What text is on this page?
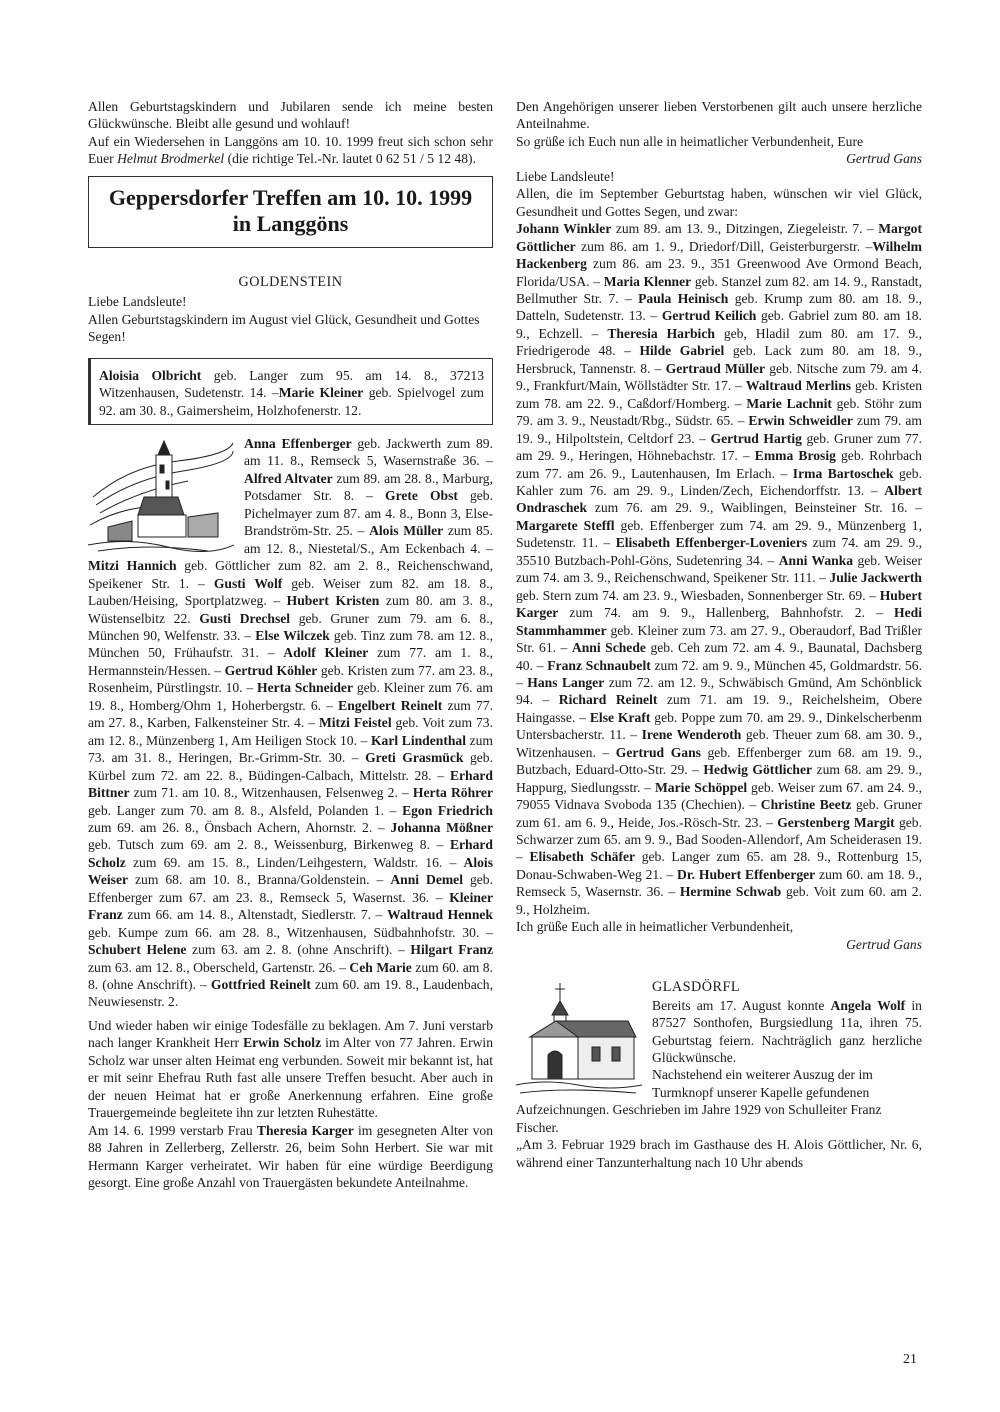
Allen Geburtstagskindern und Jubilaren sende ich meine besten Glückwünsche. Bleibt alle gesund und wohlauf!

Auf ein Wiedersehen in Langgöns am 10. 10. 1999 freut sich schon sehr Euer Helmut Brodmerkel (die richtige Tel.-Nr. lautet 0 62 51 / 5 12 48).

Geppersdorfer Treffen am 10. 10. 1999
in Langgöns
GOLDENSTEIN

Liebe Landsleute!

Allen Geburtstagskindern im August viel Glück, Gesundheit und Gottes Segen!

Aloisia Olbricht geb. Langer zum 95. am 14. 8., 37213 Witzenhausen, Sudetenstr. 14. –Marie Kleiner geb. Spielvogel zum 92. am 30. 8., Gaimersheim, Holzhofenerstr. 12.

Anna Effenberger geb. Jackwerth zum 89. am 11. 8., Remseck 5, Wasernstraße 36. – Alfred Altvater zum 89. am 28. 8., Marburg, Potsdamer Str. 8. – Grete Obst geb. Pichelmayer zum 87. am 4. 8., Bonn 3, Else-Brandström-Str. 25. – Alois Müller zum 85. am 12. 8., Niestetal/S., Am Eckenbach 4. – Mitzi Hannich geb. Göttlicher zum 82. am 2. 8., Reichenschwand, Speikener Str. 1. – Gusti Wolf geb. Weiser zum 82. am 18. 8., Lauben/Heising, Sportplatzweg. – Hubert Kristen zum 80. am 3. 8., Wüstenselbitz 22. Gusti Drechsel geb. Gruner zum 79. am 6. 8., München 90, Welfenstr. 33. – Else Wilczek geb. Tinz zum 78. am 12. 8., München 50, Frühaufstr. 31. – Adolf Kleiner zum 77. am 1. 8., Hermannstein/Hessen. – Gertrud Köhler geb. Kristen zum 77. am 23. 8., Rosenheim, Pürstlingstr. 10. – Herta Schneider geb. Kleiner zum 76. am 19. 8., Homberg/Ohm 1, Hoherbergstr. 6. – Engelbert Reinelt zum 77. am 27. 8., Karben, Falkensteiner Str. 4. – Mitzi Feistel geb. Voit zum 73. am 12. 8., Münzenberg 1, Am Heiligen Stock 10. – Karl Lindenthal zum 73. am 31. 8., Heringen, Br.-Grimm-Str. 30. – Greti Grasmück geb. Kürbel zum 72. am 22. 8., Büdingen-Calbach, Mittelstr. 28. – Erhard Bittner zum 71. am 10. 8., Witzenhausen, Felsenweg 2. – Herta Röhrer geb. Langer zum 70. am 8. 8., Alsfeld, Polanden 1. – Egon Friedrich zum 69. am 26. 8., Önsbach Achern, Ahornstr. 2. – Johanna Mößner geb. Tutsch zum 69. am 2. 8., Weissenburg, Birkenweg 8. – Erhard Scholz zum 69. am 15. 8., Linden/Leihgestern, Waldstr. 16. – Alois Weiser zum 68. am 10. 8., Branna/Goldenstein. – Anni Demel geb. Effenberger zum 67. am 23. 8., Remseck 5, Wasernst. 36. – Kleiner Franz zum 66. am 14. 8., Altenstadt, Siedlerstr. 7. – Waltraud Hennek geb. Kumpe zum 66. am 28. 8., Witzenhausen, Südbahnhofstr. 30. – Schubert Helene zum 63. am 2. 8. (ohne Anschrift). – Hilgart Franz zum 63. am 12. 8., Oberscheld, Gartenstr. 26. – Ceh Marie zum 60. am 8. 8. (ohne Anschrift). – Gottfried Reinelt zum 60. am 19. 8., Laudenbach, Neuwiesenstr. 2.

Und wieder haben wir einige Todesfälle zu beklagen. Am 7. Juni verstarb nach langer Krankheit Herr Erwin Scholz im Alter von 77 Jahren. Erwin Scholz war unser alten Heimat eng verbunden. Soweit mir bekannt ist, hat er mit seinr Ehefrau Ruth fast alle unsere Treffen besucht. Aber auch in der neuen Heimat hat er große Anerkennung erfahren. Eine große Trauergemeinde begleitete ihn zur letzten Ruhestätte.

Am 14. 6. 1999 verstarb Frau Theresia Karger im gesegneten Alter von 88 Jahren in Zellerberg, Zellerstr. 26, beim Sohn Herbert. Sie war mit Hermann Karger verheiratet. Wir haben für eine würdige Beerdigung gesorgt. Eine große Anzahl von Trauergästen bekundete Anteilnahme.

Den Angehörigen unserer lieben Verstorbenen gilt auch unsere herzliche Anteilnahme.

So grüße ich Euch nun alle in heimatlicher Verbundenheit, Eure

Gertrud Gans

Liebe Landsleute!

Allen, die im September Geburtstag haben, wünschen wir viel Glück, Gesundheit und Gottes Segen, und zwar:

Johann Winkler zum 89. am 13. 9., Ditzingen, Ziegeleistr. 7. – Margot Göttlicher zum 86. am 1. 9., Driedorf/Dill, Geisterburgerstr. –Wilhelm Hackenberg zum 86. am 23. 9., 351 Greenwood Ave Ormond Beach, Florida/USA. – Maria Klenner geb. Stanzel zum 82. am 14. 9., Ranstadt, Bellmuther Str. 7. – Paula Heinisch geb. Krump zum 80. am 18. 9., Datteln, Sudetenstr. 13. – Gertrud Keilich geb. Gabriel zum 80. am 18. 9., Echzell. – Theresia Harbich geb, Hladil zum 80. am 17. 9., Friedrigerode 48. – Hilde Gabriel geb. Lack zum 80. am 18. 9., Hersbruck, Tannenstr. 8. – Gertraud Müller geb. Nitsche zum 79. am 4. 9., Frankfurt/Main, Wöllstädter Str. 17. – Waltraud Merlins geb. Kristen zum 78. am 22. 9., Caßdorf/Homberg. – Marie Lachnit geb. Stöhr zum 79. am 3. 9., Neustadt/Rbg., Südstr. 65. – Erwin Schweidler zum 79. am 19. 9., Hilpoltstein, Celtdorf 23. – Gertrud Hartig geb. Gruner zum 77. am 29. 9., Heringen, Höhnebachstr. 17. – Emma Brosig geb. Rohrbach zum 77. am 26. 9., Lautenhausen, Im Erlach. – Irma Bartoschek geb. Kahler zum 76. am 29. 9., Linden/Zech, Eichendorffstr. 13. – Albert Ondraschek zum 76. am 29. 9., Waiblingen, Beinsteiner Str. 16. – Margarete Steffl geb. Effenberger zum 74. am 29. 9., Münzenberg 1, Sudetenstr. 11. – Elisabeth Effenberger-Loveniers zum 74. am 29. 9., 35510 Butzbach-Pohl-Göns, Sudetenring 34. – Anni Wanka geb. Weiser zum 74. am 3. 9., Reichenschwand, Speikener Str. 111. – Julie Jackwerth geb. Stern zum 74. am 23. 9., Wiesbaden, Sonnenberger Str. 69. – Hubert Karger zum 74. am 9. 9., Hallenberg, Bahnhofstr. 2. – Hedi Stammhammer geb. Kleiner zum 73. am 27. 9., Oberaudorf, Bad Trißler Str. 61. – Anni Schede geb. Ceh zum 72. am 4. 9., Baunatal, Dachsberg 40. – Franz Schnaubelt zum 72. am 9. 9., München 45, Goldmardstr. 56. – Hans Langer zum 72. am 12. 9., Schwäbisch Gmünd, Am Schönblick 94. – Richard Reinelt zum 71. am 19. 9., Reichelsheim, Obere Haingasse. – Else Kraft geb. Poppe zum 70. am 29. 9., Dinkelscherbenm Untersbacherstr. 11. – Irene Wenderoth geb. Theuer zum 68. am 30. 9., Witzenhausen. – Gertrud Gans geb. Effenberger zum 68. am 19. 9., Butzbach, Eduard-Otto-Str. 29. – Hedwig Göttlicher zum 68. am 29. 9., Happurg, Siedlungsstr. – Marie Schöppel geb. Weiser zum 67. am 24. 9., 79055 Vidnava Svoboda 135 (Chechien). – Christine Beetz geb. Gruner zum 61. am 6. 9., Heide, Jos.-Rösch-Str. 23. – Gerstenberg Margit geb. Schwarzer zum 65. am 9. 9., Bad Sooden-Allendorf, Am Scheiderasen 19. – Elisabeth Schäfer geb. Langer zum 65. am 28. 9., Rottenburg 15, Donau-Schwaben-Weg 21. – Dr. Hubert Effenberger zum 60. am 18. 9., Remseck 5, Wasernstr. 36. – Hermine Schwab geb. Voit zum 60. am 2. 9., Holzheim.

Ich grüße Euch alle in heimatlicher Verbundenheit,

Gertrud Gans

GLASDÖRFL

Bereits am 17. August konnte Angela Wolf in 87527 Sonthofen, Burgsiedlung 11a, ihren 75. Geburtstag feiern. Nachträglich ganz herzliche Glückwünsche.

Nachstehend ein weiterer Auszug der im Turmknopf unserer Kapelle gefundenen Aufzeichnungen. Geschrieben im Jahre 1929 von Schulleiter Franz Fischer.

„Am 3. Februar 1929 brach im Gasthause des H. Alois Göttlicher, Nr. 6, während einer Tanzunterhaltung nach 10 Uhr abends

21
